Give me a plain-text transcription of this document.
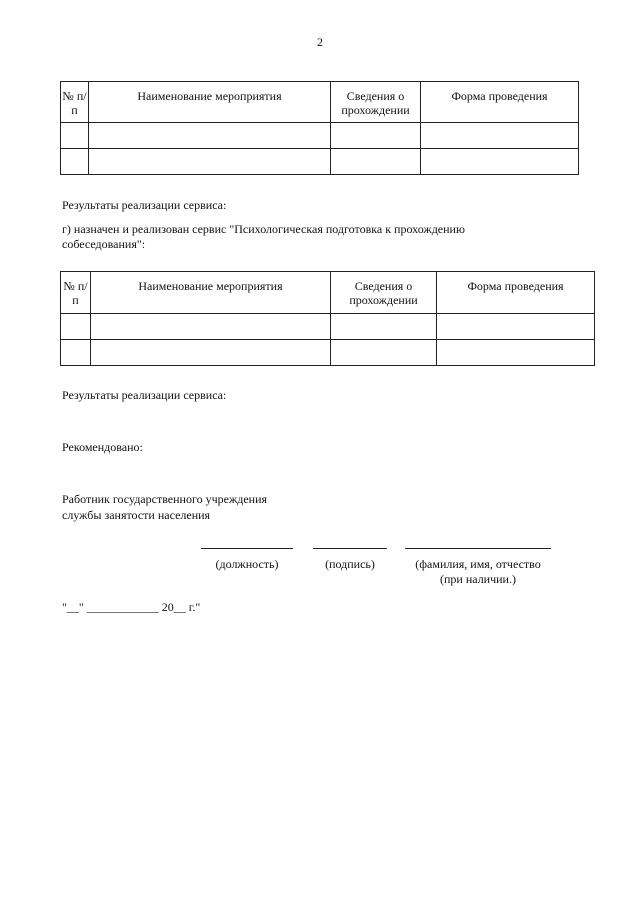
2
№ п/п	Наименование мероприятия	Сведения о прохождении	Форма проведения

Результаты реализации сервиса:
г) назначен и реализован сервис "Психологическая подготовка к прохождению собеседования":
№ п/п	Наименование мероприятия	Сведения о прохождении	Форма проведения

Результаты реализации сервиса:
Рекомендовано:
Работник государственного учреждения
службы занятости населения
(должность)	(подпись)	(фамилия, имя, отчество
(при наличии.)
"__" ____________ 20__ г."
